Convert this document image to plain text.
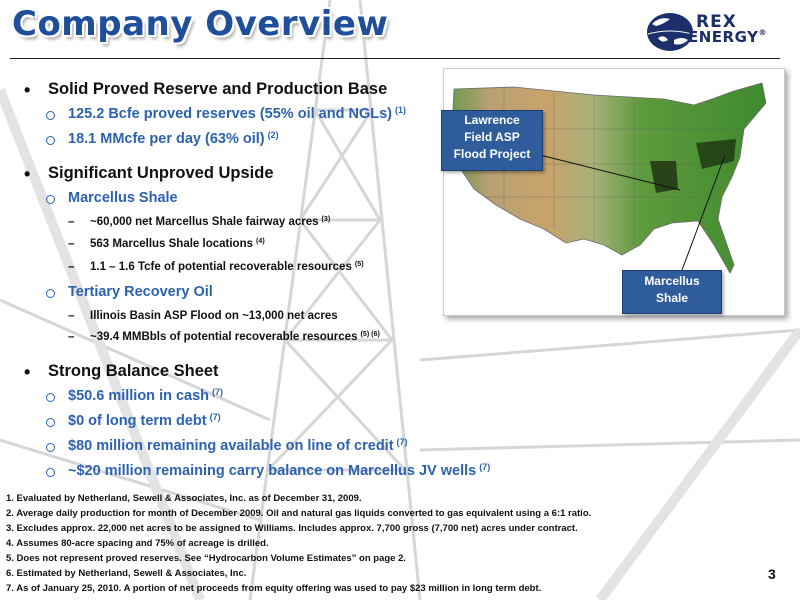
Company Overview	REX
ENERGY®
• Solid Proved Reserve and Production Base
125.2 Bcfe proved reserves (55% oil and NGLs) $^{(1)}$
18.1 MMcfe per day (63% oil) $^{(2)}$
• Significant Unproved Upside
Marcellus Shale
– ~60,000 net Marcellus Shale fairway acres $^{(3)}$
– 563 Marcellus Shale locations $^{(4)}$
– 1.1 – 1.6 Tcfe of potential recoverable resources $^{(5)}$
Tertiary Recovery Oil
– Illinois Basin ASP Flood on ~13,000 net acres
– ~39.4 MMBbls of potential recoverable resources $^{(5) (6)}$
• Strong Balance Sheet
$50.6 million in cash $^{(7)}$
$0 of long term debt $^{(7)}$
$80 million remaining available on line of credit $^{(7)}$
~$20 million remaining carry balance on Marcellus JV wells $^{(7)}$
Lawrence
Field ASP
Flood Project
Marcellus
Shale
1. Evaluated by Netherland, Sewell & Associates, Inc. as of December 31, 2009.
2. Average daily production for month of December 2009. Oil and natural gas liquids converted to gas equivalent using a 6:1 ratio.
3. Excludes approx. 22,000 net acres to be assigned to Williams. Includes approx. 7,700 gross (7,700 net) acres under contract.
4. Assumes 80-acre spacing and 75% of acreage is drilled.
5. Does not represent proved reserves. See “Hydrocarbon Volume Estimates” on page 2.
6. Estimated by Netherland, Sewell & Associates, Inc.
7. As of January 25, 2010. A portion of net proceeds from equity offering was used to pay $23 million in long term debt.
3
